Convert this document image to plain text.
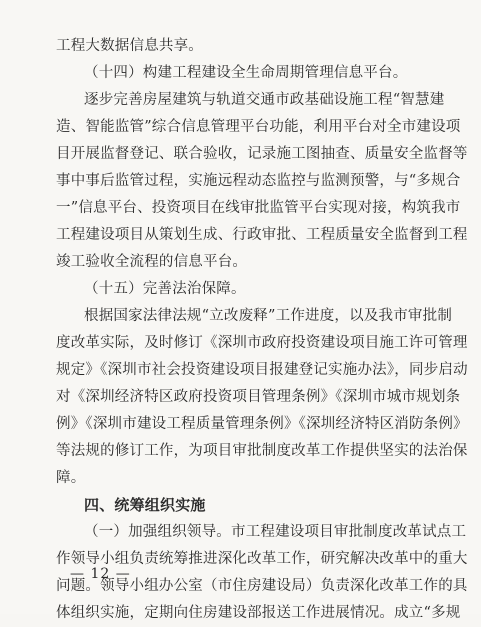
工程大数据信息共享。
（十四）构建工程建设全生命周期管理信息平台。
逐步完善房屋建筑与轨道交通市政基础设施工程“智慧建
造、智能监管”综合信息管理平台功能，利用平台对全市建设项
目开展监督登记、联合验收，记录施工图抽查、质量安全监督等
事中事后监管过程，实施远程动态监控与监测预警，与“多规合
一”信息平台、投资项目在线审批监管平台实现对接，构筑我市
工程建设项目从策划生成、行政审批、工程质量安全监督到工程
竣工验收全流程的信息平台。
（十五）完善法治保障。
根据国家法律法规“立改废释”工作进度，以及我市审批制
度改革实际，及时修订《深圳市政府投资建设项目施工许可管理
规定》《深圳市社会投资建设项目报建登记实施办法》，同步启动
对《深圳经济特区政府投资项目管理条例》《深圳市城市规划条
例》《深圳市建设工程质量管理条例》《深圳经济特区消防条例》
等法规的修订工作，为项目审批制度改革工作提供坚实的法治保
障。
四、统筹组织实施
（一）加强组织领导。市工程建设项目审批制度改革试点工
作领导小组负责统筹推进深化改革工作，研究解决改革中的重大
问题。领导小组办公室（市住房建设局）负责深化改革工作的具
体组织实施，定期向住房建设部报送工作进展情况。成立“多规
— 12 —
